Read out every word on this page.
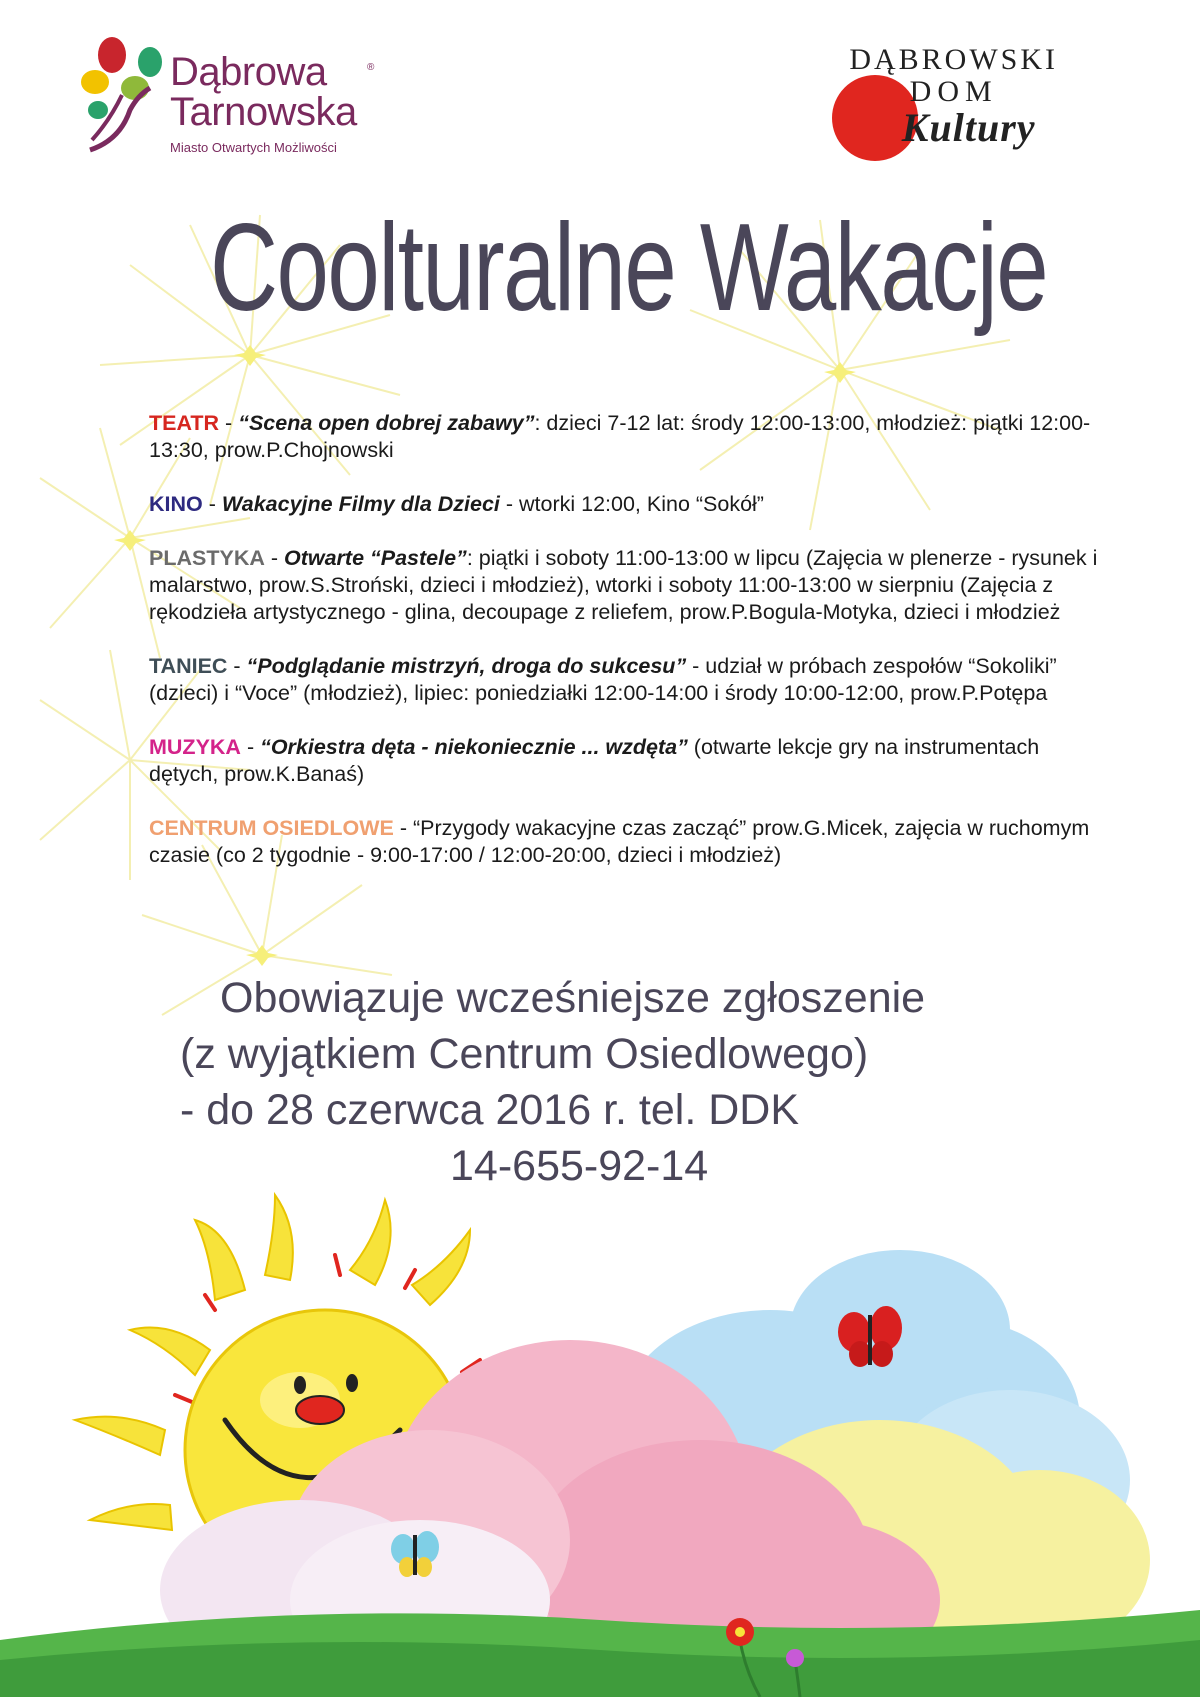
Dąbrowa
Tarnowska
Miasto Otwartych Możliwości
®	DĄBROWSKI
DOM
Kultury
Coolturalne Wakacje
TEATR - “Scena open dobrej zabawy”: dzieci 7-12 lat: środy 12:00-13:00, młodzież: piątki 12:00-13:30, prow.P.Chojnowski
KINO - Wakacyjne Filmy dla Dzieci - wtorki 12:00, Kino “Sokół”
PLASTYKA - Otwarte “Pastele”: piątki i soboty 11:00-13:00 w lipcu (Zajęcia w plenerze - rysunek i malarstwo, prow.S.Stroński, dzieci i młodzież), wtorki i soboty 11:00-13:00 w sierpniu (Zajęcia z rękodzieła artystycznego - glina, decoupage z reliefem, prow.P.Bogula-Motyka, dzieci i młodzież
TANIEC - “Podglądanie mistrzyń, droga do sukcesu” - udział w próbach zespołów “Sokoliki” (dzieci) i “Voce” (młodzież), lipiec: poniedziałki 12:00-14:00 i środy 10:00-12:00, prow.P.Potępa
MUZYKA - “Orkiestra dęta - niekoniecznie ... wzdęta” (otwarte lekcje gry na instrumentach dętych, prow.K.Banaś)
CENTRUM OSIEDLOWE - “Przygody wakacyjne czas zacząć” prow.G.Micek, zajęcia w ruchomym czasie (co 2 tygodnie - 9:00-17:00 / 12:00-20:00, dzieci i młodzież)
Obowiązuje wcześniejsze zgłoszenie
(z wyjątkiem Centrum Osiedlowego)
- do 28 czerwca 2016 r. tel. DDK
14-655-92-14
